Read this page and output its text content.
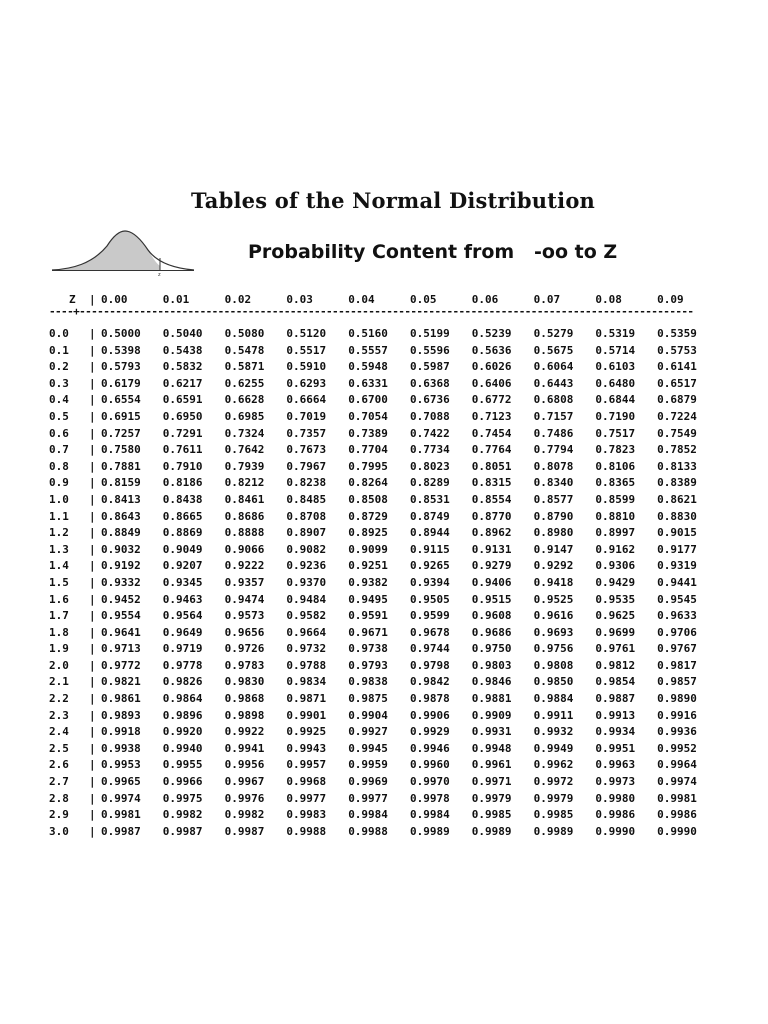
Tables of the Normal Distribution
z
Probability Content from   -oo to Z
Z	| 0.00	0.01	0.02	0.03	0.04	0.05	0.06	0.07	0.08	0.09
----+------------------------------------------------------------------------------------------------------
0.0	| 0.5000	0.5040	0.5080	0.5120	0.5160	0.5199	0.5239	0.5279	0.5319	0.5359
0.1	| 0.5398	0.5438	0.5478	0.5517	0.5557	0.5596	0.5636	0.5675	0.5714	0.5753
0.2	| 0.5793	0.5832	0.5871	0.5910	0.5948	0.5987	0.6026	0.6064	0.6103	0.6141
0.3	| 0.6179	0.6217	0.6255	0.6293	0.6331	0.6368	0.6406	0.6443	0.6480	0.6517
0.4	| 0.6554	0.6591	0.6628	0.6664	0.6700	0.6736	0.6772	0.6808	0.6844	0.6879
0.5	| 0.6915	0.6950	0.6985	0.7019	0.7054	0.7088	0.7123	0.7157	0.7190	0.7224
0.6	| 0.7257	0.7291	0.7324	0.7357	0.7389	0.7422	0.7454	0.7486	0.7517	0.7549
0.7	| 0.7580	0.7611	0.7642	0.7673	0.7704	0.7734	0.7764	0.7794	0.7823	0.7852
0.8	| 0.7881	0.7910	0.7939	0.7967	0.7995	0.8023	0.8051	0.8078	0.8106	0.8133
0.9	| 0.8159	0.8186	0.8212	0.8238	0.8264	0.8289	0.8315	0.8340	0.8365	0.8389
1.0	| 0.8413	0.8438	0.8461	0.8485	0.8508	0.8531	0.8554	0.8577	0.8599	0.8621
1.1	| 0.8643	0.8665	0.8686	0.8708	0.8729	0.8749	0.8770	0.8790	0.8810	0.8830
1.2	| 0.8849	0.8869	0.8888	0.8907	0.8925	0.8944	0.8962	0.8980	0.8997	0.9015
1.3	| 0.9032	0.9049	0.9066	0.9082	0.9099	0.9115	0.9131	0.9147	0.9162	0.9177
1.4	| 0.9192	0.9207	0.9222	0.9236	0.9251	0.9265	0.9279	0.9292	0.9306	0.9319
1.5	| 0.9332	0.9345	0.9357	0.9370	0.9382	0.9394	0.9406	0.9418	0.9429	0.9441
1.6	| 0.9452	0.9463	0.9474	0.9484	0.9495	0.9505	0.9515	0.9525	0.9535	0.9545
1.7	| 0.9554	0.9564	0.9573	0.9582	0.9591	0.9599	0.9608	0.9616	0.9625	0.9633
1.8	| 0.9641	0.9649	0.9656	0.9664	0.9671	0.9678	0.9686	0.9693	0.9699	0.9706
1.9	| 0.9713	0.9719	0.9726	0.9732	0.9738	0.9744	0.9750	0.9756	0.9761	0.9767
2.0	| 0.9772	0.9778	0.9783	0.9788	0.9793	0.9798	0.9803	0.9808	0.9812	0.9817
2.1	| 0.9821	0.9826	0.9830	0.9834	0.9838	0.9842	0.9846	0.9850	0.9854	0.9857
2.2	| 0.9861	0.9864	0.9868	0.9871	0.9875	0.9878	0.9881	0.9884	0.9887	0.9890
2.3	| 0.9893	0.9896	0.9898	0.9901	0.9904	0.9906	0.9909	0.9911	0.9913	0.9916
2.4	| 0.9918	0.9920	0.9922	0.9925	0.9927	0.9929	0.9931	0.9932	0.9934	0.9936
2.5	| 0.9938	0.9940	0.9941	0.9943	0.9945	0.9946	0.9948	0.9949	0.9951	0.9952
2.6	| 0.9953	0.9955	0.9956	0.9957	0.9959	0.9960	0.9961	0.9962	0.9963	0.9964
2.7	| 0.9965	0.9966	0.9967	0.9968	0.9969	0.9970	0.9971	0.9972	0.9973	0.9974
2.8	| 0.9974	0.9975	0.9976	0.9977	0.9977	0.9978	0.9979	0.9979	0.9980	0.9981
2.9	| 0.9981	0.9982	0.9982	0.9983	0.9984	0.9984	0.9985	0.9985	0.9986	0.9986
3.0	| 0.9987	0.9987	0.9987	0.9988	0.9988	0.9989	0.9989	0.9989	0.9990	0.9990
